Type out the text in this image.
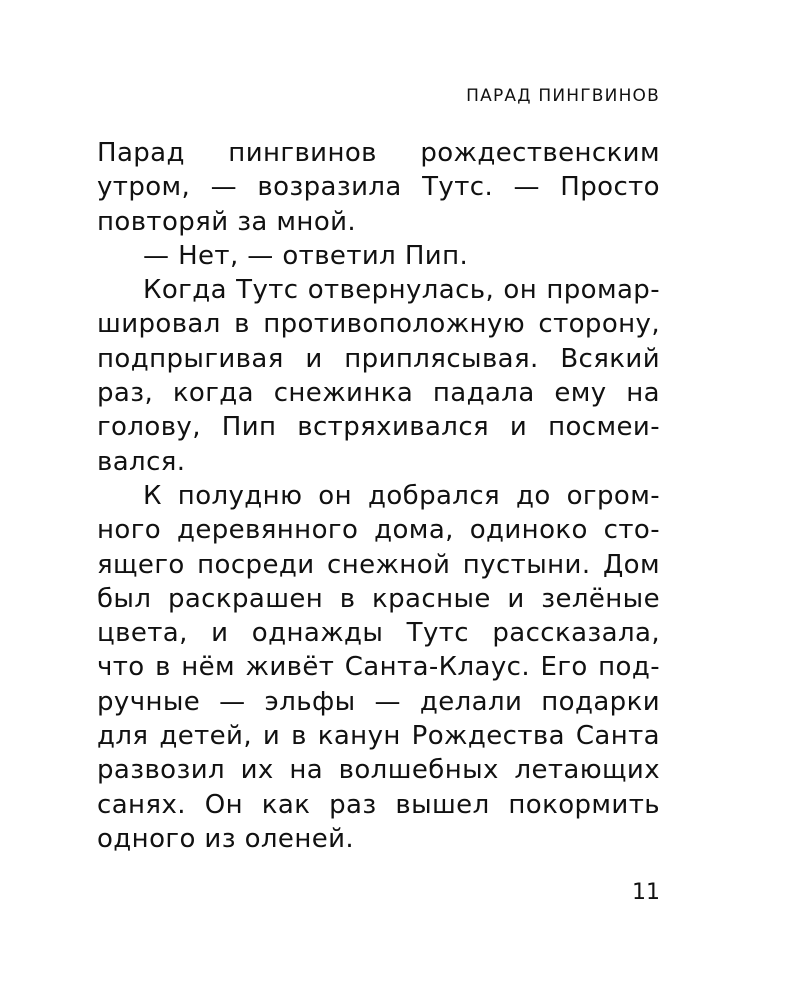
ПАРАД ПИНГВИНОВ
Парад пингвинов рождественским
утром, — возразила Тутс. — Просто
повторяй за мной.
— Нет, — ответил Пип.
Когда Тутс отвернулась, он промар-
шировал в противоположную сторону,
подпрыгивая и приплясывая. Всякий
раз, когда снежинка падала ему на
голову, Пип встряхивался и посмеи-
вался.
К полудню он добрался до огром-
ного деревянного дома, одиноко сто-
ящего посреди снежной пустыни. Дом
был раскрашен в красные и зелёные
цвета, и однажды Тутс рассказала,
что в нём живёт Санта-Клаус. Его под-
ручные — эльфы — делали подарки
для детей, и в канун Рождества Санта
развозил их на волшебных летающих
санях. Он как раз вышел покормить
одного из оленей.
11
